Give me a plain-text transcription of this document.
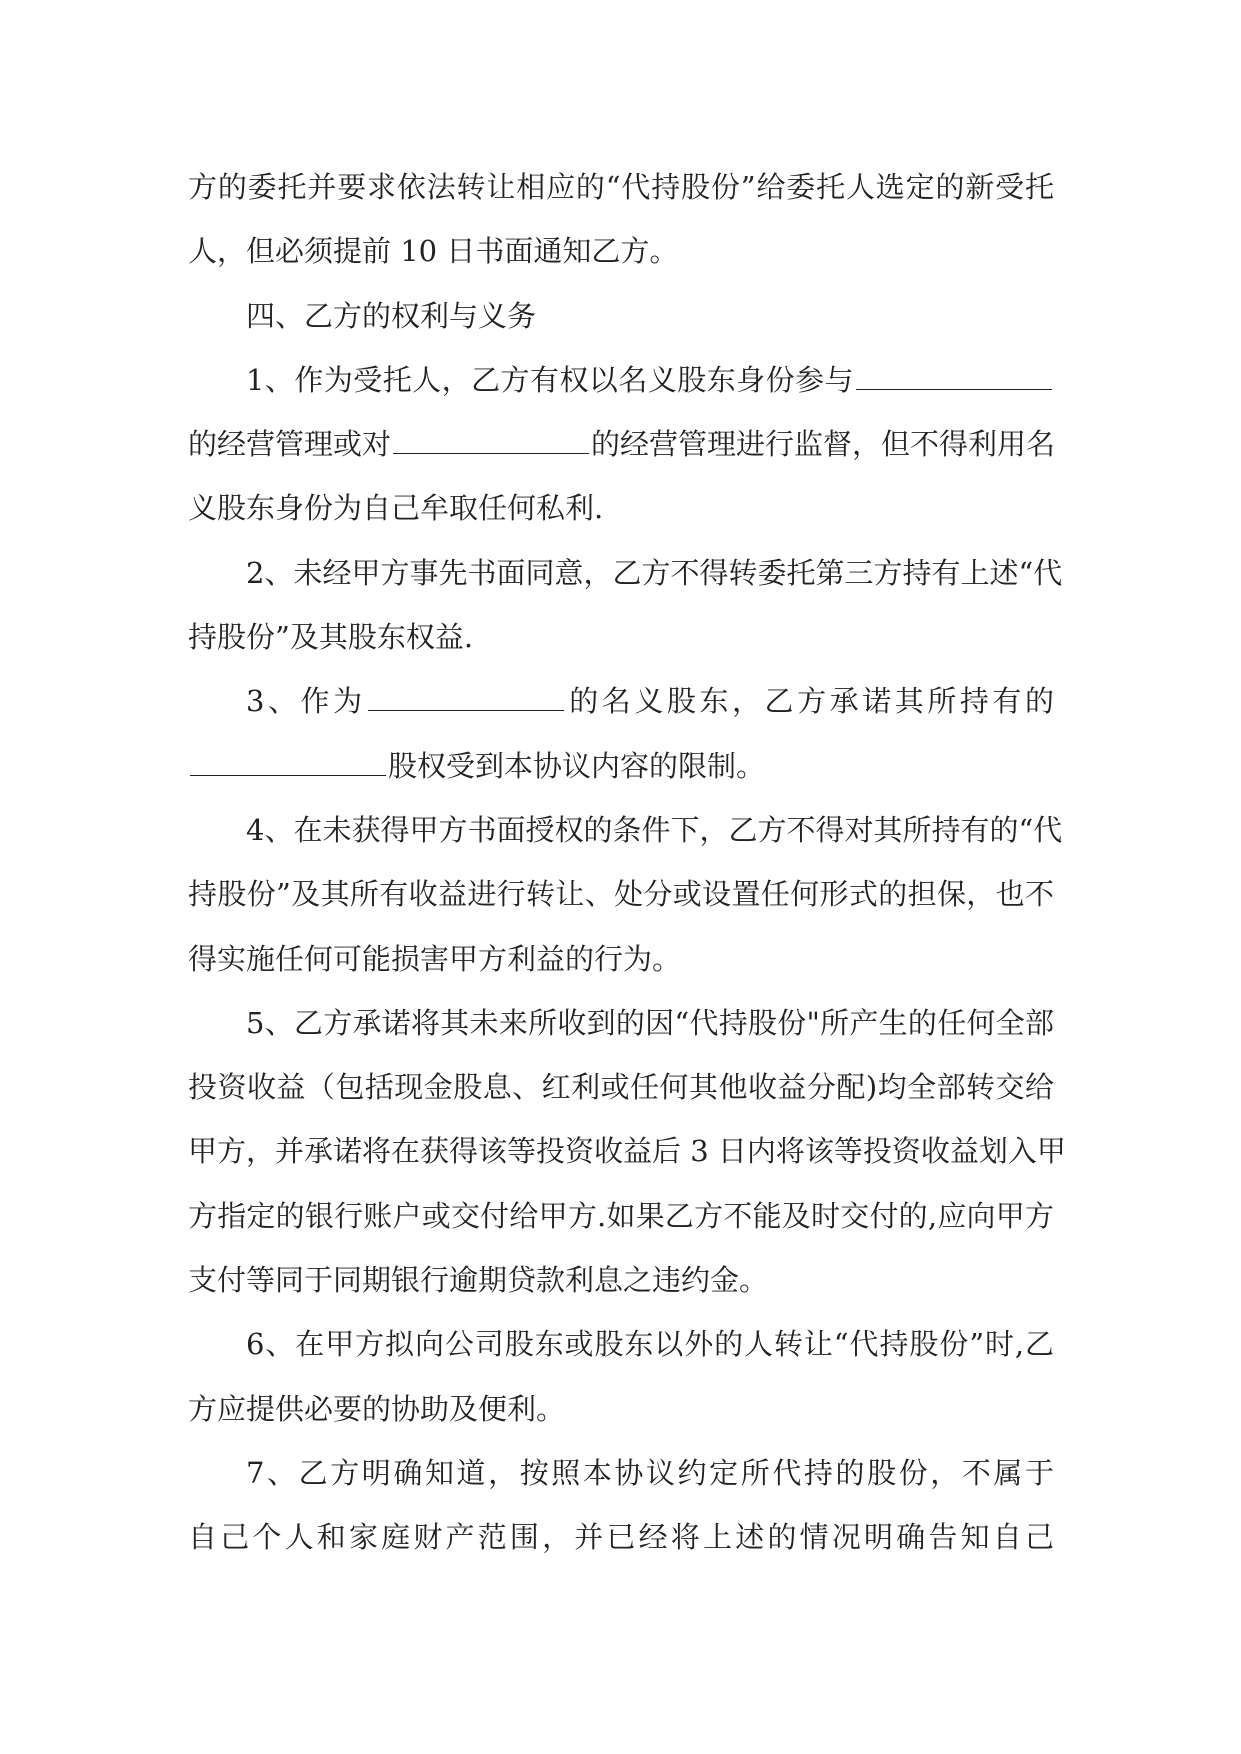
方的委托并要求依法转让相应的“代持股份”给委托人选定的新受托
人，但必须提前 10 日书面通知乙方。
四、乙方的权利与义务
1、作为受托人，乙方有权以名义股东身份参与
的经营管理或对	的经营管理进行监督，但不得利用名
义股东身份为自己牟取任何私利.
2、未经甲方事先书面同意，乙方不得转委托第三方持有上述“代
持股份”及其股东权益.
3、作为	的名义股东，乙方承诺其所持有的
股权受到本协议内容的限制。
4、在未获得甲方书面授权的条件下，乙方不得对其所持有的“代
持股份”及其所有收益进行转让、处分或设置任何形式的担保，也不
得实施任何可能损害甲方利益的行为。
5、乙方承诺将其未来所收到的因“代持股份"所产生的任何全部
投资收益（包括现金股息、红利或任何其他收益分配)均全部转交给
甲方，并承诺将在获得该等投资收益后 3 日内将该等投资收益划入甲
方指定的银行账户或交付给甲方.如果乙方不能及时交付的,应向甲方
支付等同于同期银行逾期贷款利息之违约金。
6、在甲方拟向公司股东或股东以外的人转让“代持股份”时,乙
方应提供必要的协助及便利。
7、乙方明确知道，按照本协议约定所代持的股份，不属于
自己个人和家庭财产范围，并已经将上述的情况明确告知自己
